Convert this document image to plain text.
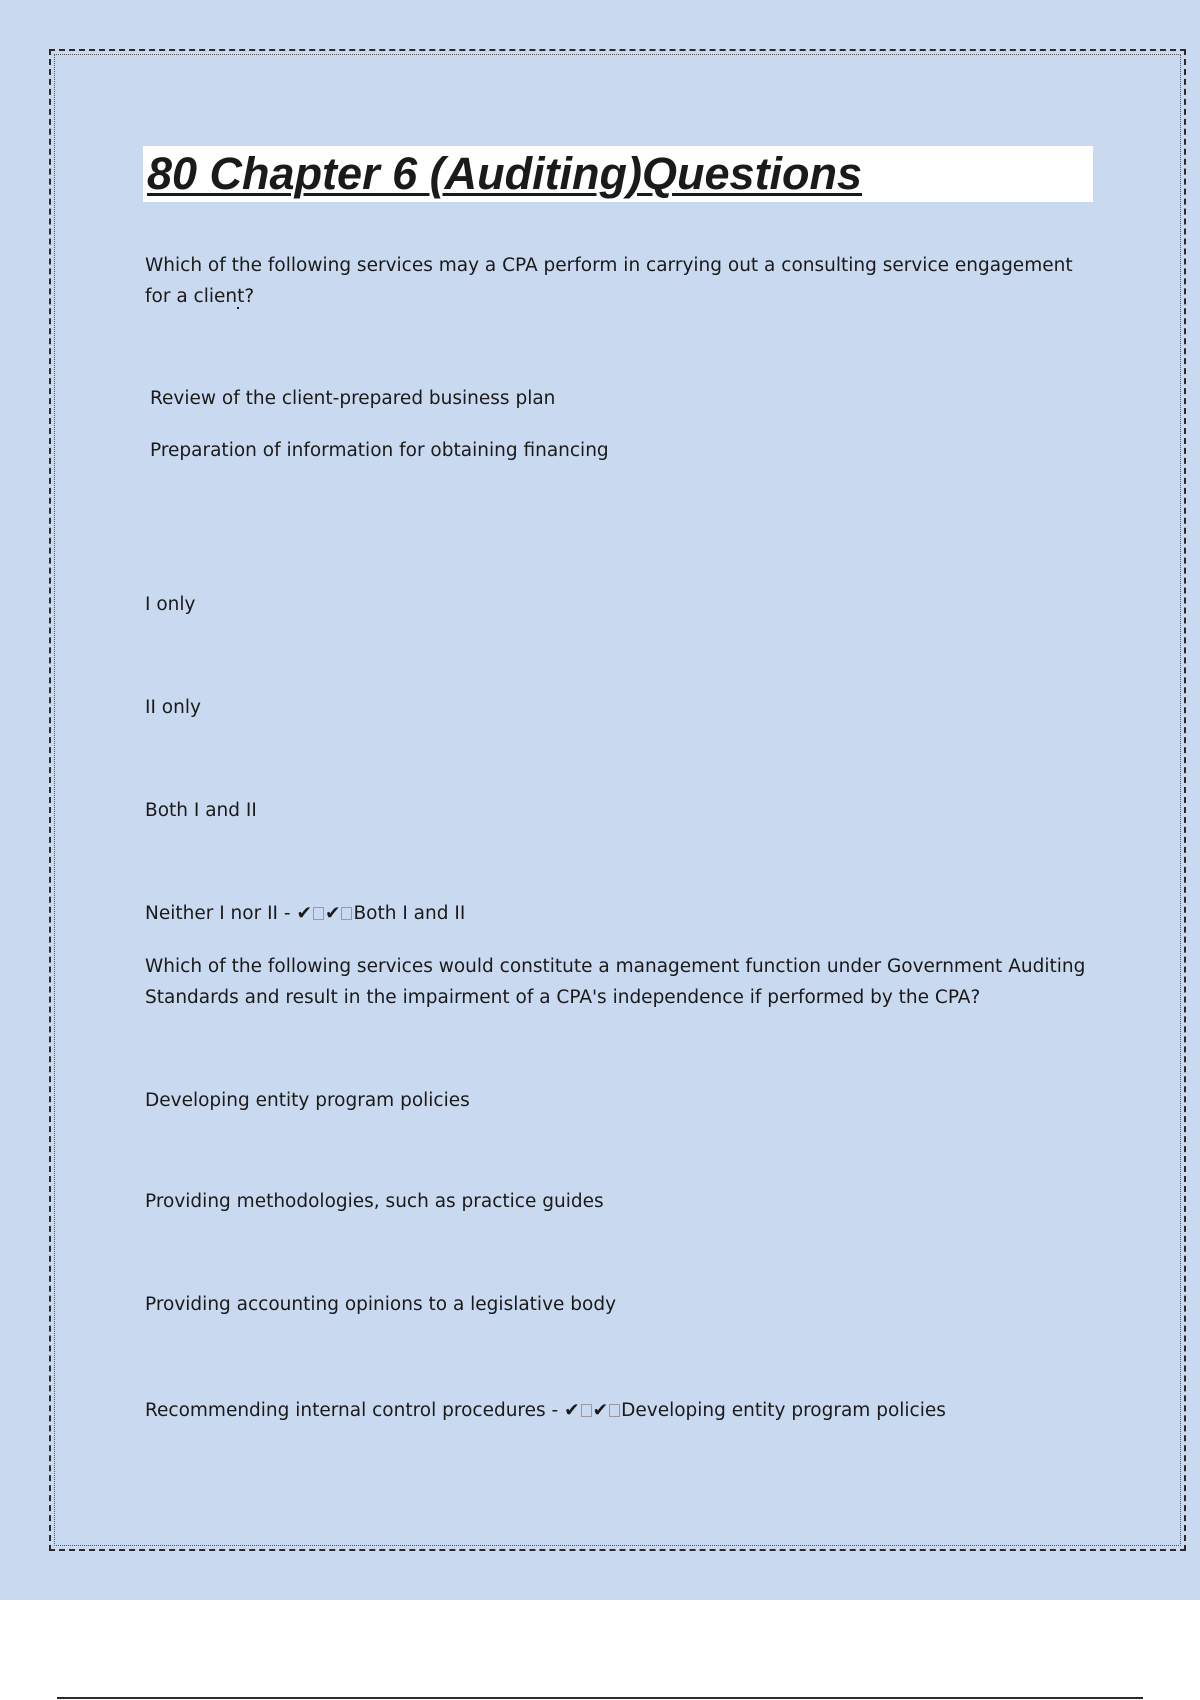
80 Chapter 6 (Auditing)Questions

Which of the following services may a CPA perform in carrying out a consulting service engagement for a client?

Review of the client-prepared business plan

Preparation of information for obtaining financing

I only

II only

Both I and II

Neither I nor II - ✔ ✔ Both I and II

Which of the following services would constitute a management function under Government Auditing Standards and result in the impairment of a CPA's independence if performed by the CPA?

Developing entity program policies

Providing methodologies, such as practice guides

Providing accounting opinions to a legislative body

Recommending internal control procedures - ✔ ✔ Developing entity program policies
